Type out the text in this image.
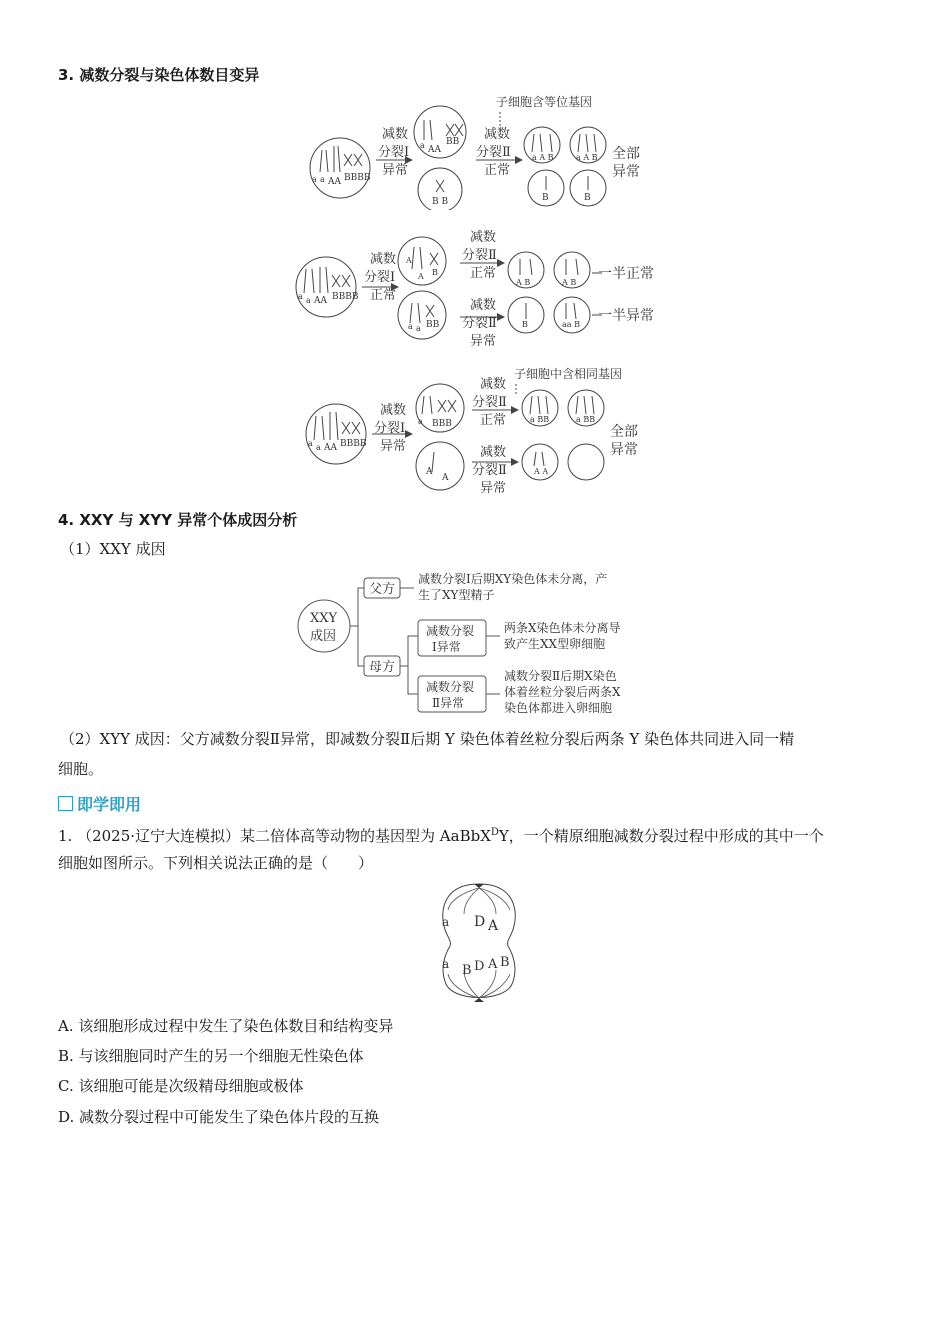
3. 减数分裂与染色体数目变异
a a AA BBBB
减数
分裂Ⅰ
异常
a AA
BB
B B
减数
分裂Ⅱ
正常
子细胞含等位基因
a A B	a A B
B	B
全部
异常
a a AA BBBB
减数
分裂Ⅰ
正常
A
A B
a a BB
减数
分裂Ⅱ
正常
减数
分裂Ⅱ
异常
A B	A B
B	aa B
一半正常
一半异常
a a AA BBBB
减数
分裂Ⅰ
异常
a BBB
A
A
子细胞中含相同基因
减数
分裂Ⅱ
正常
减数
分裂Ⅱ
异常
a BB	a BB
A A
全部
异常
4. XXY 与 XYY 异常个体成因分析
（1）XXY 成因
XXY
成因
父方
减数分裂Ⅰ后期XY染色体未分离，产
生了XY型精子
母方
减数分裂
Ⅰ异常
两条X染色体未分离导
致产生XX型卵细胞
减数分裂
Ⅱ异常
减数分裂Ⅱ后期X染色
体着丝粒分裂后两条X
染色体都进入卵细胞
（2）XYY 成因：父方减数分裂Ⅱ异常，即减数分裂Ⅱ后期 Y 染色体着丝粒分裂后两条 Y 染色体共同进入同一精
细胞。
即学即用
1. （2025·辽宁大连模拟）某二倍体高等动物的基因型为 AaBbX$^D$Y，一个精原细胞减数分裂过程中形成的其中一个
细胞如图所示。下列相关说法正确的是（　　）
a D A
a B D A B
A. 该细胞形成过程中发生了染色体数目和结构变异
B. 与该细胞同时产生的另一个细胞无性染色体
C. 该细胞可能是次级精母细胞或极体
D. 减数分裂过程中可能发生了染色体片段的互换
